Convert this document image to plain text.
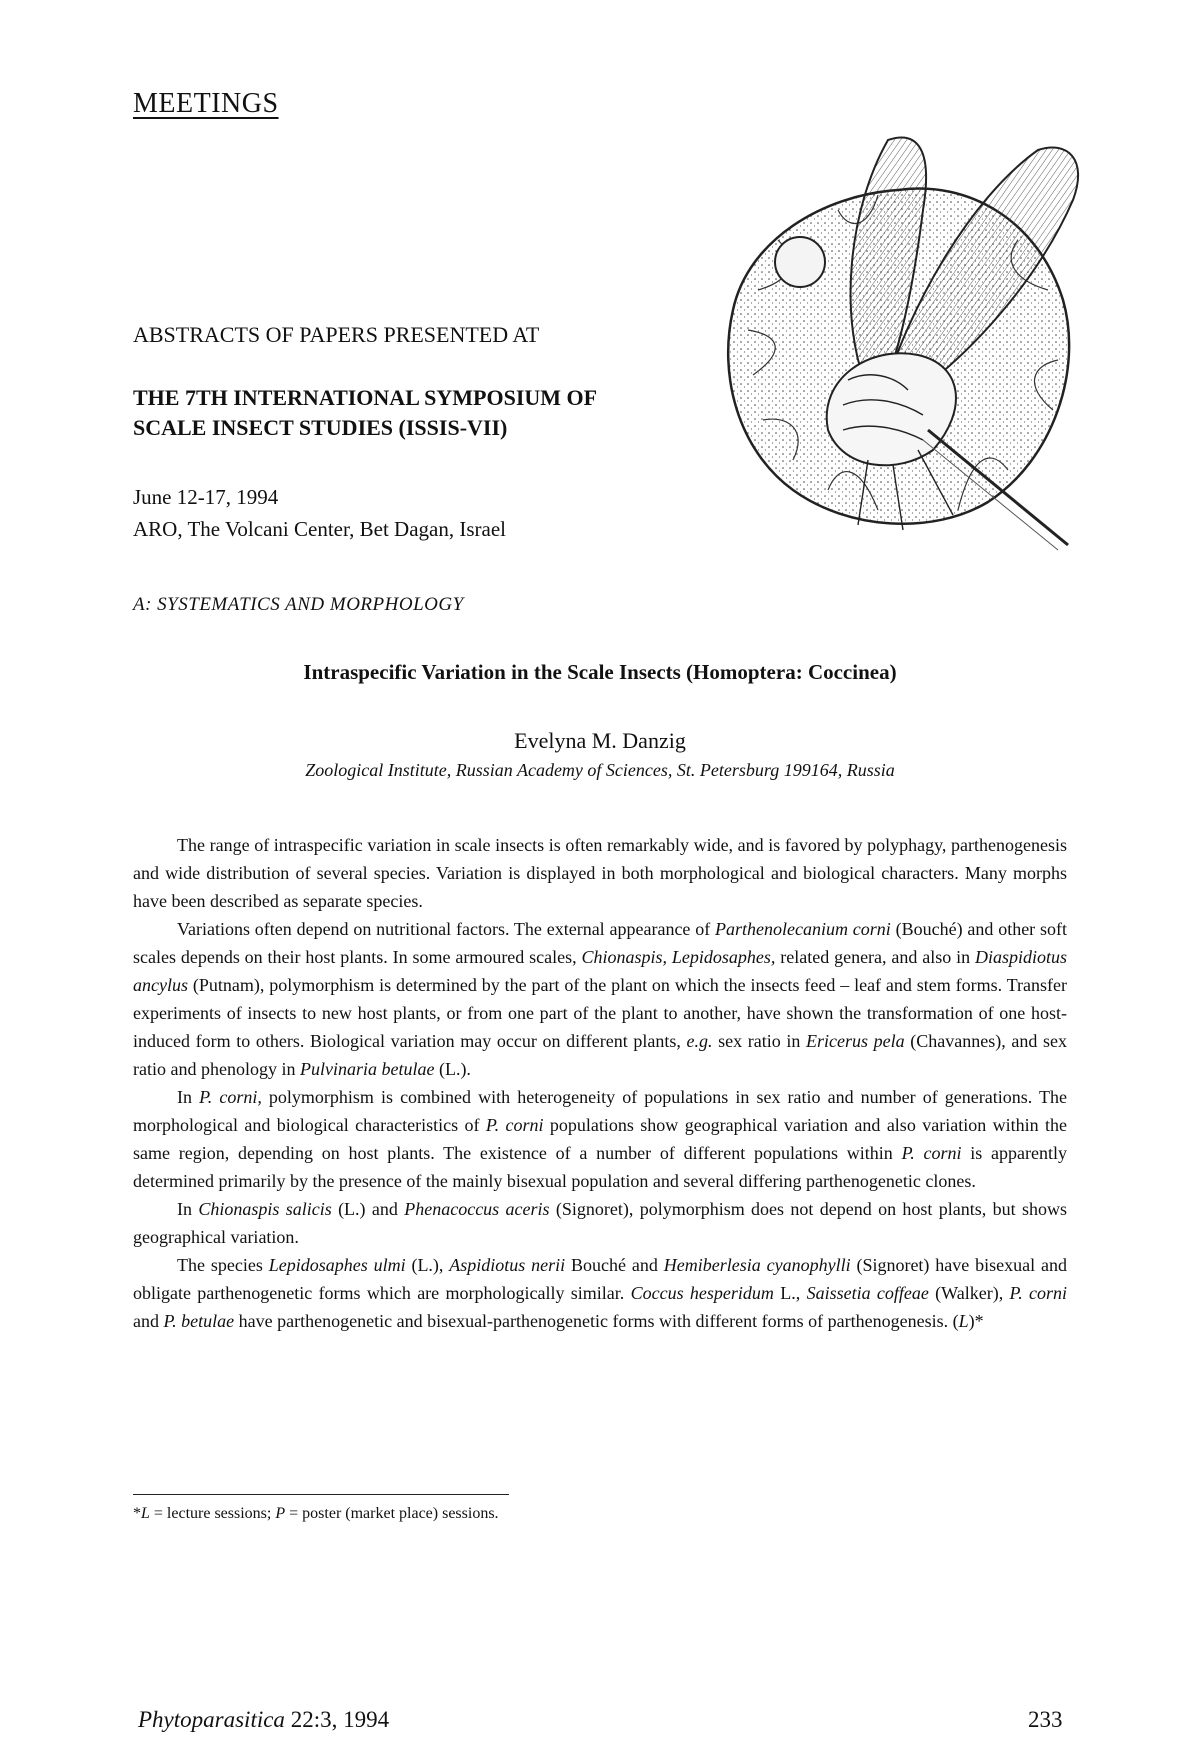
MEETINGS
ABSTRACTS OF PAPERS PRESENTED AT
THE 7TH INTERNATIONAL SYMPOSIUM OF
SCALE INSECT STUDIES (ISSIS-VII)
June 12-17, 1994
ARO, The Volcani Center, Bet Dagan, Israel
A: SYSTEMATICS AND MORPHOLOGY
Intraspecific Variation in the Scale Insects (Homoptera: Coccinea)
Evelyna M. Danzig
Zoological Institute, Russian Academy of Sciences, St. Petersburg 199164, Russia

The range of intraspecific variation in scale insects is often remarkably wide, and is favored by polyphagy, parthenogenesis and wide distribution of several species. Variation is displayed in both morphological and biological characters. Many morphs have been described as separate species.

Variations often depend on nutritional factors. The external appearance of Parthenolecanium corni (Bouché) and other soft scales depends on their host plants. In some armoured scales, Chionaspis, Lepidosaphes, related genera, and also in Diaspidiotus ancylus (Putnam), polymorphism is determined by the part of the plant on which the insects feed – leaf and stem forms. Transfer experiments of insects to new host plants, or from one part of the plant to another, have shown the transformation of one host-induced form to others. Biological variation may occur on different plants, e.g. sex ratio in Ericerus pela (Chavannes), and sex ratio and phenology in Pulvinaria betulae (L.).

In P. corni, polymorphism is combined with heterogeneity of populations in sex ratio and number of generations. The morphological and biological characteristics of P. corni populations show geographical variation and also variation within the same region, depending on host plants. The existence of a number of different populations within P. corni is apparently determined primarily by the presence of the mainly bisexual population and several differing parthenogenetic clones.

In Chionaspis salicis (L.) and Phenacoccus aceris (Signoret), polymorphism does not depend on host plants, but shows geographical variation.

The species Lepidosaphes ulmi (L.), Aspidiotus nerii Bouché and Hemiberlesia cyanophylli (Signoret) have bisexual and obligate parthenogenetic forms which are morphologically similar. Coccus hesperidum L., Saissetia coffeae (Walker), P. corni and P. betulae have parthenogenetic and bisexual-parthenogenetic forms with different forms of parthenogenesis. (L)*

*L = lecture sessions; P = poster (market place) sessions.
Phytoparasitica 22:3, 1994	233
